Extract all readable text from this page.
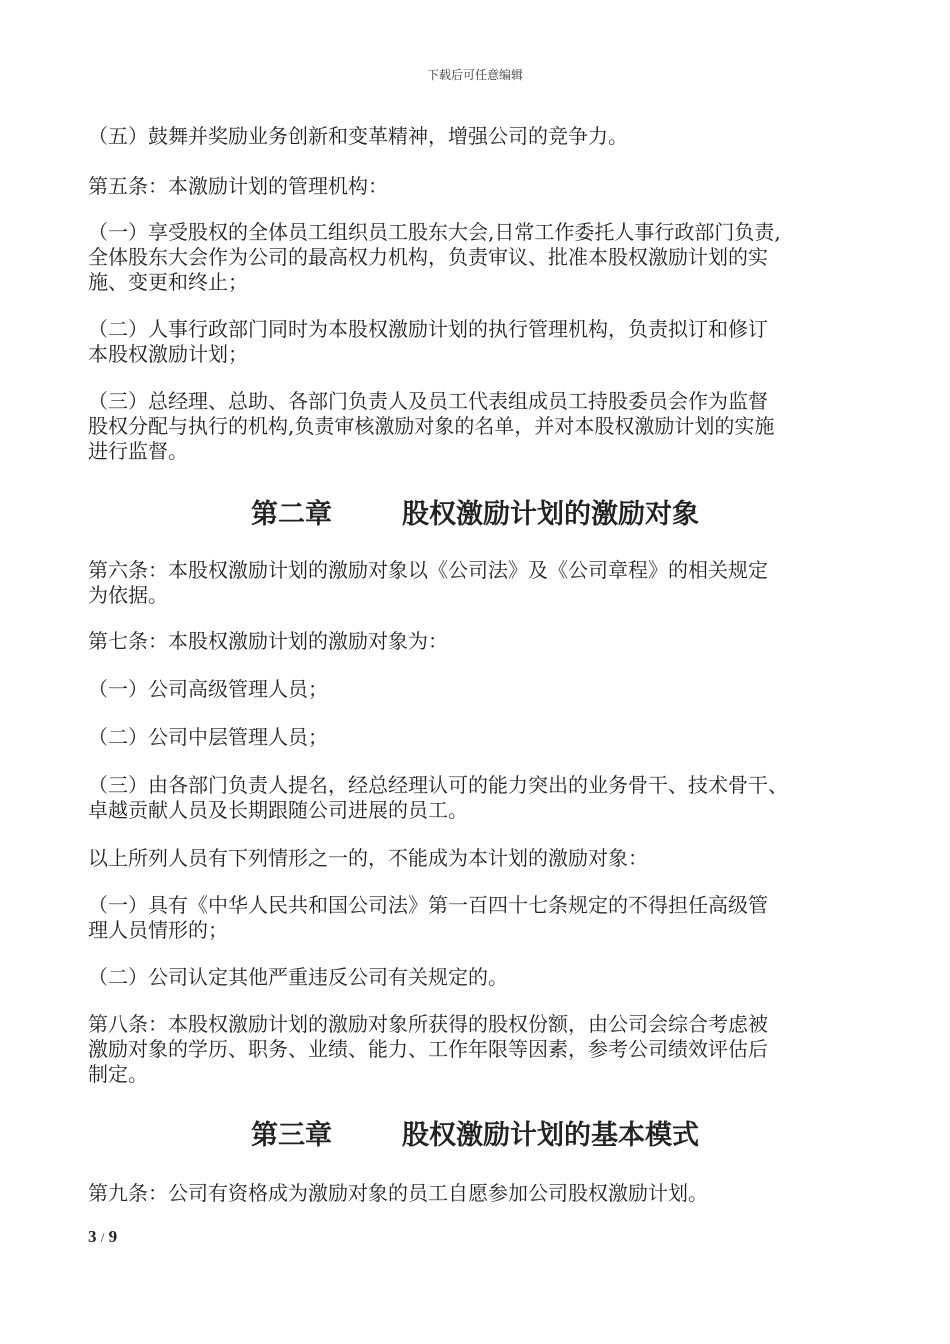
下载后可任意编辑

（五）鼓舞并奖励业务创新和变革精神，增强公司的竞争力。

第五条：本激励计划的管理机构：

（一）享受股权的全体员工组织员工股东大会,日常工作委托人事行政部门负责,
全体股东大会作为公司的最高权力机构，负责审议、批准本股权激励计划的实
施、变更和终止；

（二）人事行政部门同时为本股权激励计划的执行管理机构，负责拟订和修订
本股权激励计划；

（三）总经理、总助、各部门负责人及员工代表组成员工持股委员会作为监督
股权分配与执行的机构,负责审核激励对象的名单，并对本股权激励计划的实施
进行监督。

第二章	股权激励计划的激励对象

第六条：本股权激励计划的激励对象以《公司法》及《公司章程》的相关规定
为依据。

第七条：本股权激励计划的激励对象为：

（一）公司高级管理人员；

（二）公司中层管理人员；

（三）由各部门负责人提名，经总经理认可的能力突出的业务骨干、技术骨干、
卓越贡献人员及长期跟随公司进展的员工。

以上所列人员有下列情形之一的，不能成为本计划的激励对象：

（一）具有《中华人民共和国公司法》第一百四十七条规定的不得担任高级管
理人员情形的；

（二）公司认定其他严重违反公司有关规定的。

第八条：本股权激励计划的激励对象所获得的股权份额，由公司会综合考虑被
激励对象的学历、职务、业绩、能力、工作年限等因素，参考公司绩效评估后
制定。

第三章	股权激励计划的基本模式

第九条：公司有资格成为激励对象的员工自愿参加公司股权激励计划。

3 / 9
